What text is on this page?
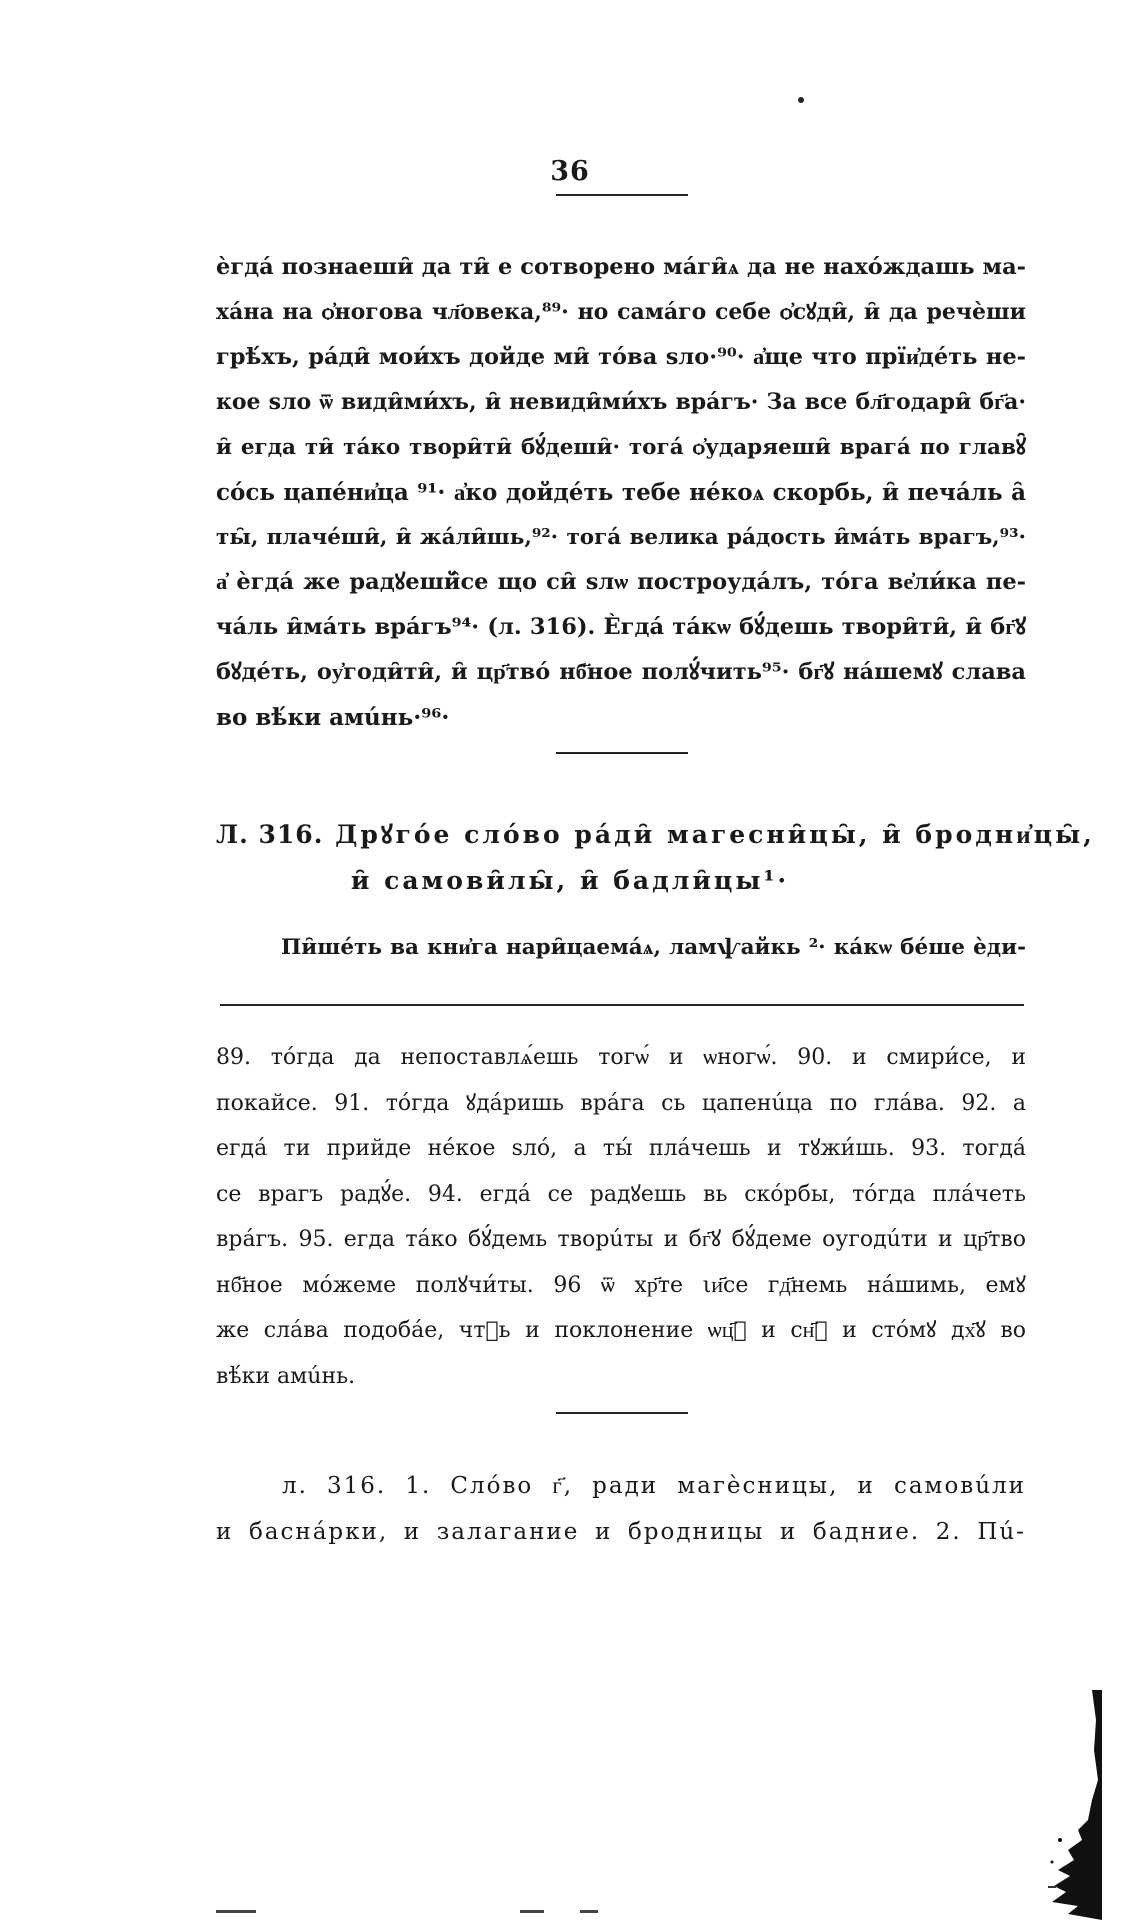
36
ѐгдá познаеши̑ да ти̑ е сотворено мáги̑ѧ да не нахóждашь ма-
хáна на ѻ҆ногова чл҃овека,⁸⁹· но самáго себе ѻ҆сꙋди̑, и̑ да речѐши
грѣ́хъ, рáди̑ мои́хъ дойде ми̑ тóва ѕло·⁹⁰· а҆ще что прїи҆дéть не-
кое ѕло ѿ види̑ми́хъ, и̑ невиди̑ми́хъ врáгъ· За все бл҃годари̑ бг҃а·
и̑ егда ти̑ тáко твори̑ти̑ бꙋ́деши̑· тогá ѻ҆ударяеши̑ врагá по главꙋ̑
сóсь цапéни҆ца ⁹¹· а҆ко дойдéть тебе нéкоѧ скорбь, и̑ печáль а̑
ты̑, плачéши̑, и̑ жáли̑шь,⁹²· тогá велика рáдость и̑мáть врагъ,⁹³·
а҆ ѐгдá же радꙋешй̑се що си̑ ѕлѡ построудáлъ, тóга ве҆ли́ка пе-
чáль и̑мáть врáгъ⁹⁴· (л. 316). Ѐгдá тáкѡ бꙋ́дешь твори̑ти̑, и̑ бг҃ꙋ
бꙋдéть, оу҆годи̑ти̑, и̑ цр҃твó нб҃ное полꙋ́чить⁹⁵· бг҃ꙋ нáшемꙋ слава
во вѣ́ки амúнь·⁹⁶·
Л. 316. Дрꙋгóе слóво рáди̑ магесни̑цы̑, и̑ бродни҆цы̑,
и̑ самови̑лы̑, и̑ бадли̑цы¹·
Пи̑шéть ва кни҆га нари̑цаемáѧ, ламѱайкь ²· кáкѡ бéше ѐди-
89. тóгда да непоставлѧ́ешь тогѡ́ и ѡногѡ́. 90. и смири́се, и
покайсе. 91. тóгда ꙋдáришь врáга сь цапенúца по глáва. 92. а
егдá ти прийде нéкое ѕлó, а ты́ плáчешь и тꙋжи́шь. 93. тогдá
се врагъ радꙋ́е. 94. егдá се радꙋешь вь скóрбы, тóгда плáчеть
врáгъ. 95. егда тáко бꙋ́демь творúты и бг҃ꙋ бꙋ́деме оугодúти и цр҃тво
нб҃ное мóжеме полꙋчи́ты. 96 ѿ хр҃те ιи҃се гд҃немь нáшимь, емꙋ
же слáва подобáе, чтⷮь и поклонение ѡц҃ꙋ и сн҃ꙋ и стóмꙋ дх҃ꙋ во
вѣ́ки амúнь.
л. 316. 1. Слóво г҃, ради магѐсницы, и самовúли
и баснáрки, и залагание и бродницы и бадние. 2. Пú-
